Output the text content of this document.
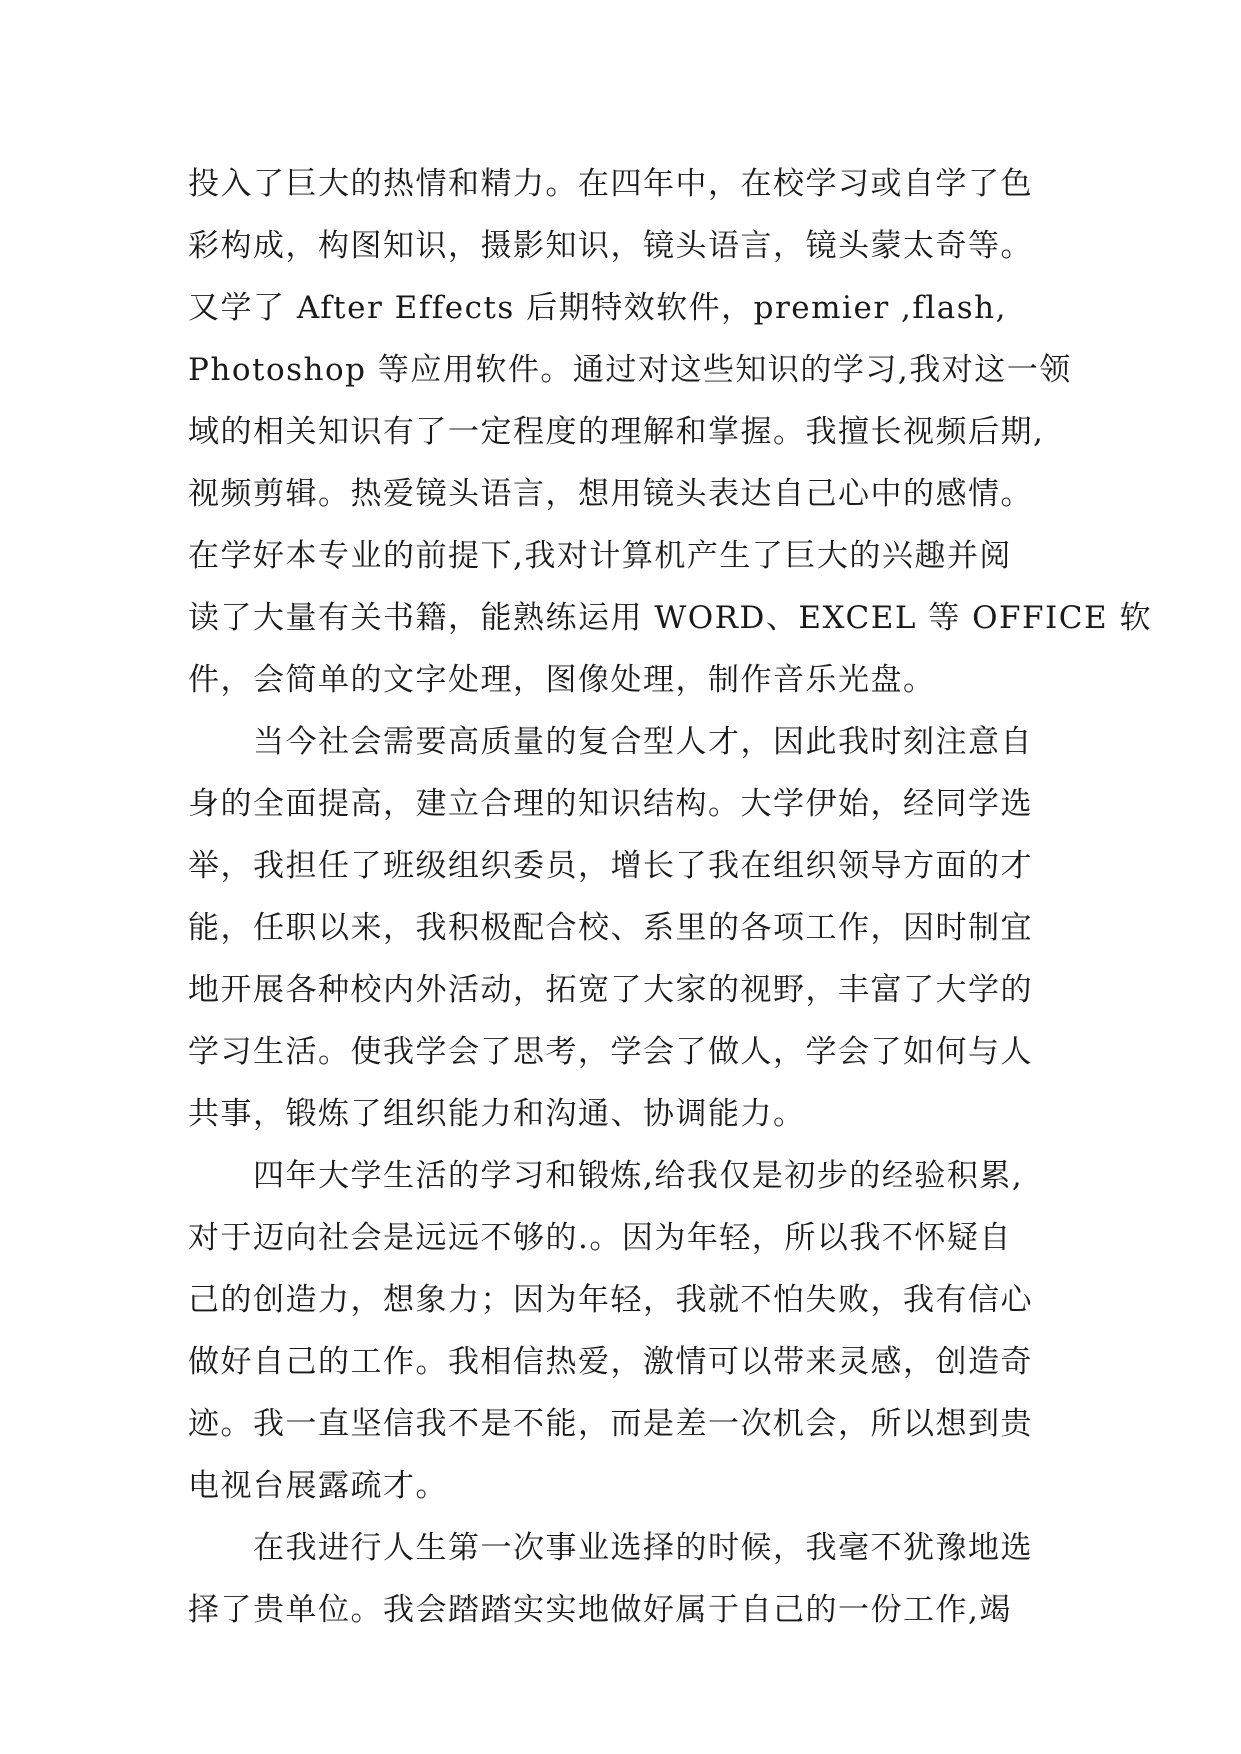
投入了巨大的热情和精力。在四年中，在校学习或自学了色
彩构成，构图知识，摄影知识，镜头语言，镜头蒙太奇等。
又学了 After Effects 后期特效软件，premier ,flash,
Photoshop 等应用软件。通过对这些知识的学习,我对这一领
域的相关知识有了一定程度的理解和掌握。我擅长视频后期,
视频剪辑。热爱镜头语言，想用镜头表达自己心中的感情。
在学好本专业的前提下,我对计算机产生了巨大的兴趣并阅
读了大量有关书籍，能熟练运用 WORD、EXCEL 等 OFFICE 软
件，会简单的文字处理，图像处理，制作音乐光盘。
　　当今社会需要高质量的复合型人才，因此我时刻注意自
身的全面提高，建立合理的知识结构。大学伊始，经同学选
举，我担任了班级组织委员，增长了我在组织领导方面的才
能，任职以来，我积极配合校、系里的各项工作，因时制宜
地开展各种校内外活动，拓宽了大家的视野，丰富了大学的
学习生活。使我学会了思考，学会了做人，学会了如何与人
共事，锻炼了组织能力和沟通、协调能力。
　　四年大学生活的学习和锻炼,给我仅是初步的经验积累,
对于迈向社会是远远不够的.。因为年轻，所以我不怀疑自
己的创造力，想象力；因为年轻，我就不怕失败，我有信心
做好自己的工作。我相信热爱，激情可以带来灵感，创造奇
迹。我一直坚信我不是不能，而是差一次机会，所以想到贵
电视台展露疏才。
　　在我进行人生第一次事业选择的时候，我毫不犹豫地选
择了贵单位。我会踏踏实实地做好属于自己的一份工作,竭
